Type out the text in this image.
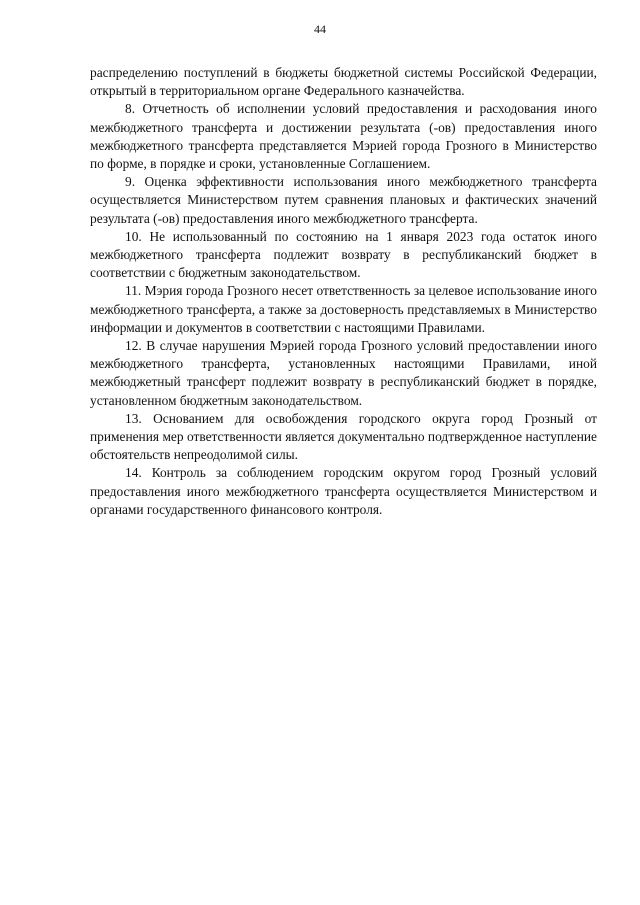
44

распределению поступлений в бюджеты бюджетной системы Российской Федерации, открытый в территориальном органе Федерального казначейства.

8. Отчетность об исполнении условий предоставления и расходования иного межбюджетного трансферта и достижении результата (-ов) предоставления иного межбюджетного трансферта представляется Мэрией города Грозного в Министерство по форме, в порядке и сроки, установленные Соглашением.

9. Оценка эффективности использования иного межбюджетного трансферта осуществляется Министерством путем сравнения плановых и фактических значений результата (-ов) предоставления иного межбюджетного трансферта.

10. Не использованный по состоянию на 1 января 2023 года остаток иного межбюджетного трансферта подлежит возврату в республиканский бюджет в соответствии с бюджетным законодательством.

11. Мэрия города Грозного несет ответственность за целевое использование иного межбюджетного трансферта, а также за достоверность представляемых в Министерство информации и документов в соответствии с настоящими Правилами.

12. В случае нарушения Мэрией города Грозного условий предоставлении иного межбюджетного трансферта, установленных настоящими Правилами, иной межбюджетный трансферт подлежит возврату в республиканский бюджет в порядке, установленном бюджетным законодательством.

13. Основанием для освобождения городского округа город Грозный от применения мер ответственности является документально подтвержденное наступление обстоятельств непреодолимой силы.

14. Контроль за соблюдением городским округом город Грозный условий предоставления иного межбюджетного трансферта осуществляется Министерством и органами государственного финансового контроля.
